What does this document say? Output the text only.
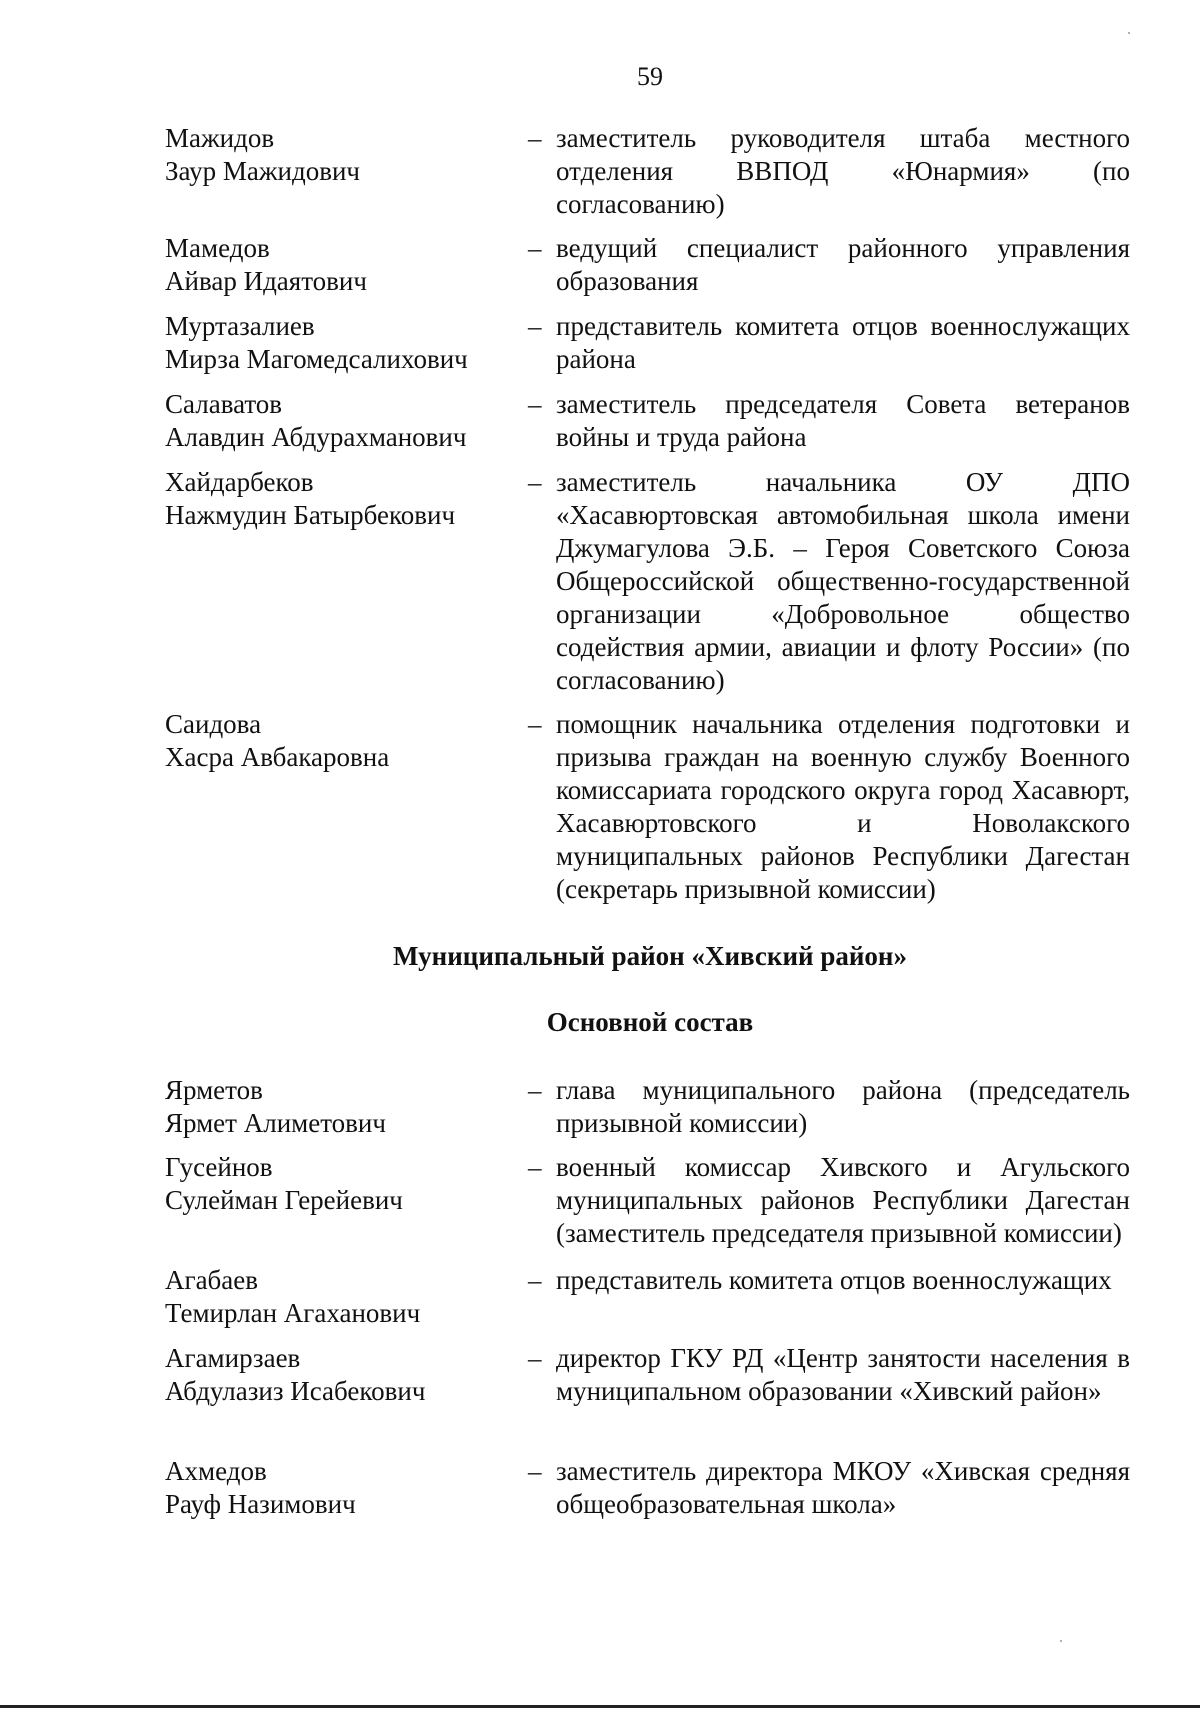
59
Мажидов
Заур Мажидович
– заместитель руководителя штаба местного отделения ВВПОД «Юнармия» (по согласованию)
Мамедов
Айвар Идаятович
– ведущий специалист районного управления образования
Муртазалиев
Мирза Магомедсалихович
– представитель комитета отцов военнослужащих района
Салаватов
Алавдин Абдурахманович
– заместитель председателя Совета ветеранов войны и труда района
Хайдарбеков
Нажмудин Батырбекович
– заместитель начальника ОУ ДПО «Хасавюртовская автомобильная школа имени Джумагулова Э.Б. – Героя Советского Союза Общероссийской общественно-государственной организации «Добровольное общество содействия армии, авиации и флоту России» (по согласованию)
Саидова
Хасра Авбакаровна
– помощник начальника отделения подготовки и призыва граждан на военную службу Военного комиссариата городского округа город Хасавюрт, Хасавюртовского и Новолакского муниципальных районов Республики Дагестан (секретарь призывной комиссии)
Муниципальный район «Хивский район»
Основной состав
Ярметов
Ярмет Алиметович
– глава муниципального района (председатель призывной комиссии)
Гусейнов
Сулейман Герейевич
– военный комиссар Хивского и Агульского муниципальных районов Республики Дагестан (заместитель председателя призывной комиссии)
Агабаев
Темирлан Агаханович
– представитель комитета отцов военнослужащих
Агамирзаев
Абдулазиз Исабекович
– директор ГКУ РД «Центр занятости населения в муниципальном образовании «Хивский район»
Ахмедов
Рауф Назимович
– заместитель директора МКОУ «Хивская средняя общеобразовательная школа»
